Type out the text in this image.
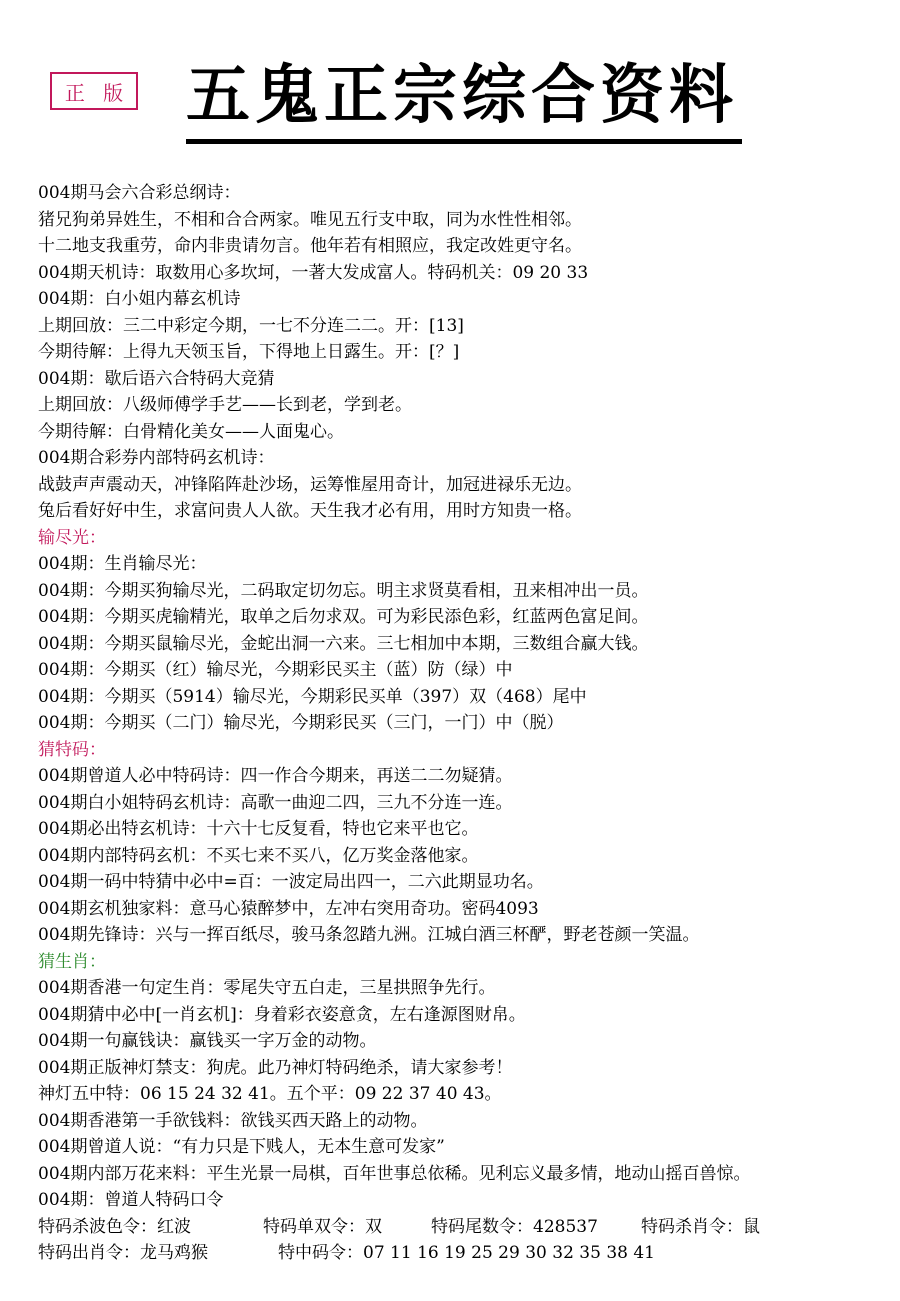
正 版 五鬼正宗综合资料
004期马会六合彩总纲诗：
猪兄狗弟异姓生，不相和合合两家。唯见五行支中取，同为水性性相邻。
十二地支我重劳，命内非贵请勿言。他年若有相照应，我定改姓更守名。
004期天机诗：取数用心多坎坷，一著大发成富人。特码机关：09 20 33
004期：白小姐内幕玄机诗
上期回放：三二中彩定今期，一七不分连二二。开：[13]
今期待解：上得九天领玉旨，下得地上日露生。开：[？]
004期：歇后语六合特码大竞猜
上期回放：八级师傅学手艺——长到老，学到老。
今期待解：白骨精化美女——人面鬼心。
004期合彩券内部特码玄机诗：
战鼓声声震动天，冲锋陷阵赴沙场，运筹惟屋用奇计，加冠进禄乐无边。
兔后看好好中生，求富问贵人人欲。天生我才必有用，用时方知贵一格。
输尽光：
004期：生肖输尽光：
004期：今期买狗输尽光，二码取定切勿忘。明主求贤莫看相，丑来相冲出一员。
004期：今期买虎输精光，取单之后勿求双。可为彩民添色彩，红蓝两色富足间。
004期：今期买鼠输尽光，金蛇出洞一六来。三七相加中本期，三数组合赢大钱。
004期：今期买（红）输尽光，今期彩民买主（蓝）防（绿）中
004期：今期买（5914）输尽光，今期彩民买单（397）双（468）尾中
004期：今期买（二门）输尽光，今期彩民买（三门，一门）中（脱）
猜特码：
004期曾道人必中特码诗：四一作合今期来，再送二二勿疑猜。
004期白小姐特码玄机诗：高歌一曲迎二四，三九不分连一连。
004期必出特玄机诗：十六十七反复看，特也它来平也它。
004期内部特码玄机：不买七来不买八，亿万奖金落他家。
004期一码中特猜中必中=百：一波定局出四一，二六此期显功名。
004期玄机独家料：意马心猿醉梦中，左冲右突用奇功。密码4093
004期先锋诗：兴与一挥百纸尽，骏马条忽踏九洲。江城白酒三杯酽，野老苍颜一笑温。
猜生肖：
004期香港一句定生肖：零尾失守五白走，三星拱照争先行。
004期猜中必中[一肖玄机]：身着彩衣姿意贪，左右逢源图财帛。
004期一句赢钱诀：赢钱买一字万金的动物。
004期正版神灯禁支：狗虎。此乃神灯特码绝杀，请大家参考！
神灯五中特：06 15 24 32 41。五个平：09 22 37 40 43。
004期香港第一手欲钱料：欲钱买西天路上的动物。
004期曾道人说：“有力只是下贱人，无本生意可发家”
004期内部万花来料：平生光景一局棋，百年世事总依稀。见利忘义最多情，地动山摇百兽惊。
004期：曾道人特码口令
特码杀波色令：红波	特码单双令：双	特码尾数令：428537	特码杀肖令：鼠
特码出肖令：龙马鸡猴	特中码令：07 11 16 19 25 29 30 32 35 38 41
